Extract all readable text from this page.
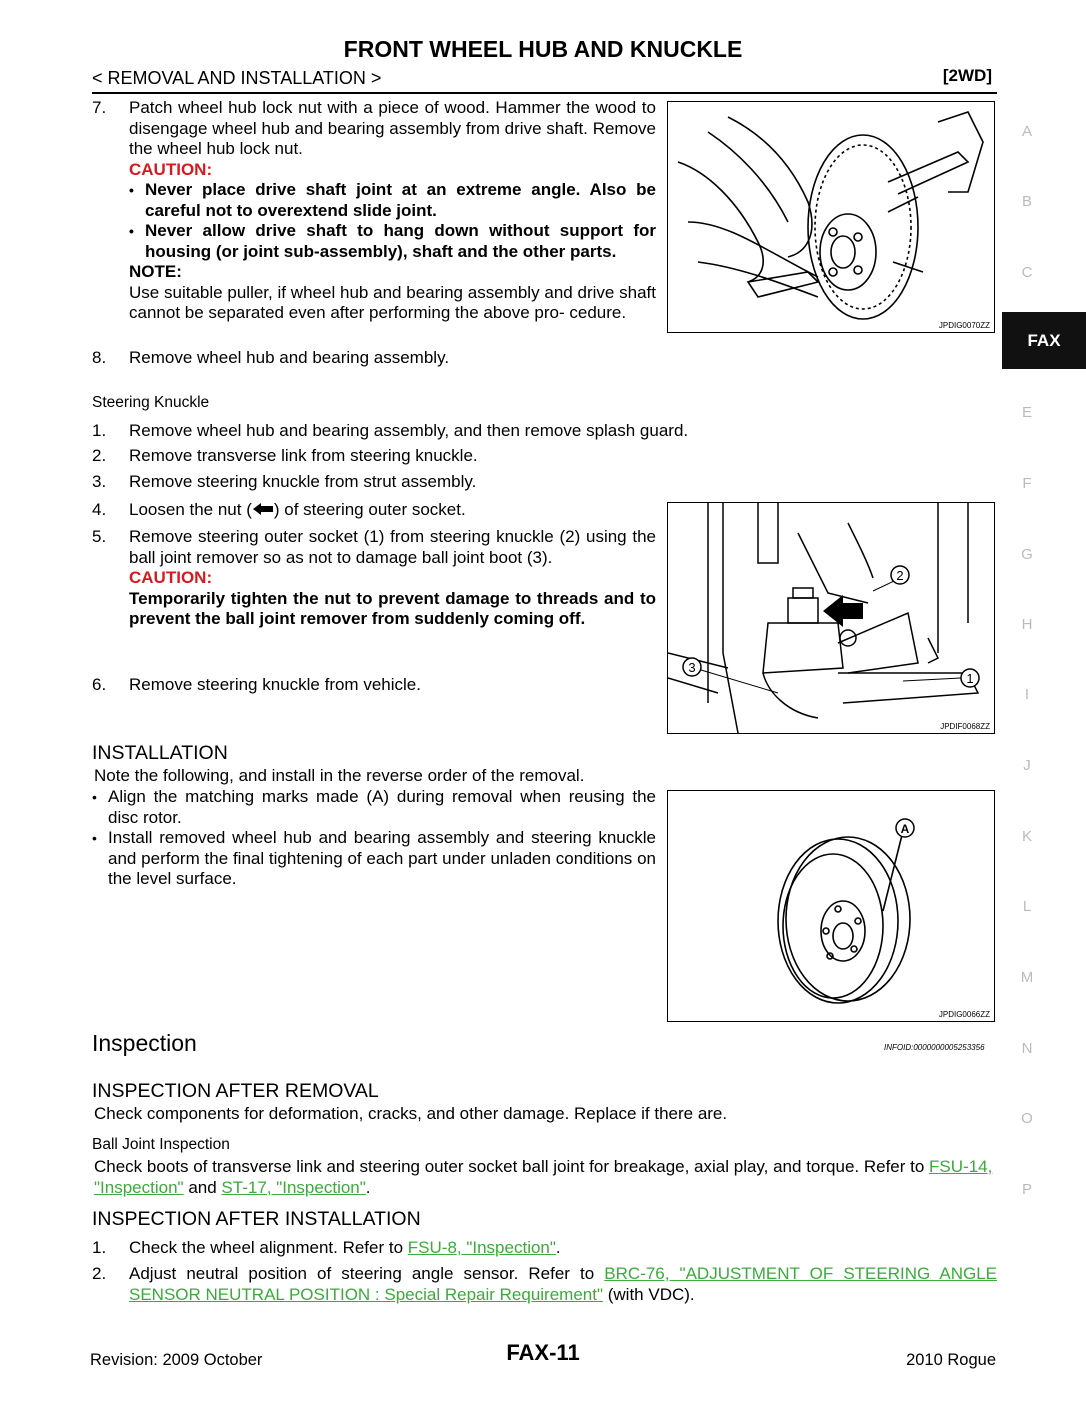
FRONT WHEEL HUB AND KNUCKLE
< REMOVAL AND INSTALLATION >	[2WD]
A
B
C
E
F
G
H
I
J
K
L
M
N
O
P
FAX
7. Patch wheel hub lock nut with a piece of wood. Hammer the wood to disengage wheel hub and bearing assembly from drive shaft. Remove the wheel hub lock nut.
CAUTION:
• Never place drive shaft joint at an extreme angle. Also be careful not to overextend slide joint.
• Never allow drive shaft to hang down without support for housing (or joint sub-assembly), shaft and the other parts.
NOTE:
Use suitable puller, if wheel hub and bearing assembly and drive shaft cannot be separated even after performing the above pro- cedure.
8. Remove wheel hub and bearing assembly.
JPDIG0070ZZ
Steering Knuckle
1. Remove wheel hub and bearing assembly, and then remove splash guard.
2. Remove transverse link from steering knuckle.
3. Remove steering knuckle from strut assembly.
4. Loosen the nut ( ) of steering outer socket.
5. Remove steering outer socket (1) from steering knuckle (2) using the ball joint remover so as not to damage ball joint boot (3).
CAUTION:
Temporarily tighten the nut to prevent damage to threads and to prevent the ball joint remover from suddenly coming off.
6. Remove steering knuckle from vehicle.
2
1
3
JPDIF0068ZZ
INSTALLATION
Note the following, and install in the reverse order of the removal.
• Align the matching marks made (A) during removal when reusing the disc rotor.
• Install removed wheel hub and bearing assembly and steering knuckle and perform the final tightening of each part under unladen conditions on the level surface.
A
JPDIG0066ZZ
Inspection	INFOID:0000000005253356
INSPECTION AFTER REMOVAL
Check components for deformation, cracks, and other damage. Replace if there are.
Ball Joint Inspection
Check boots of transverse link and steering outer socket ball joint for breakage, axial play, and torque. Refer to FSU-14, "Inspection" and ST-17, "Inspection".
INSPECTION AFTER INSTALLATION
1. Check the wheel alignment. Refer to FSU-8, "Inspection".
2. Adjust neutral position of steering angle sensor. Refer to BRC-76, "ADJUSTMENT OF STEERING ANGLE SENSOR NEUTRAL POSITION : Special Repair Requirement" (with VDC).
Revision: 2009 October	FAX-11	2010 Rogue
